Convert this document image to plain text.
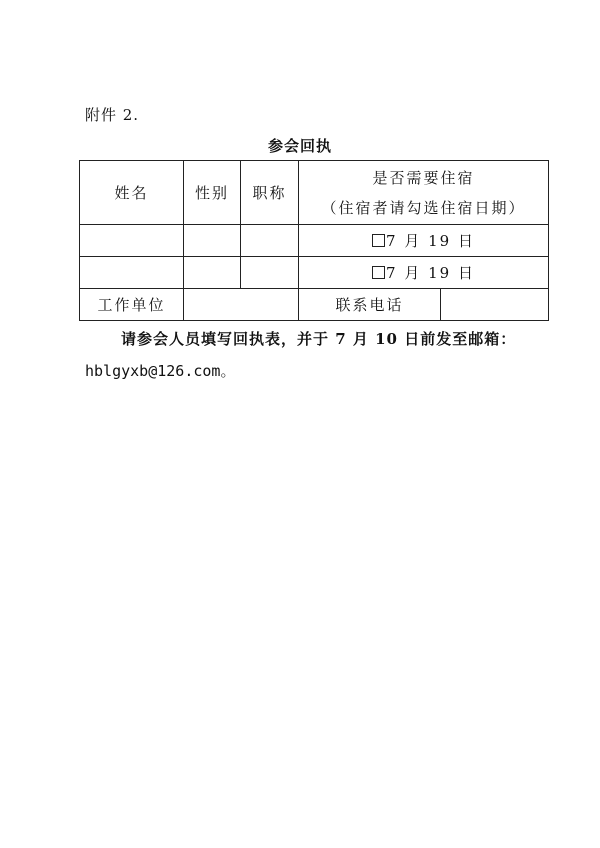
附件 2.
参会回执
姓名	性别	职称	是否需要住宿
（住宿者请勾选住宿日期）	

			7 月 19 日	
			7 月 19 日	
工作单位			联系电话	
请参会人员填写回执表，并于 7 月 10 日前发至邮箱：
hblgyxb@126.com。
